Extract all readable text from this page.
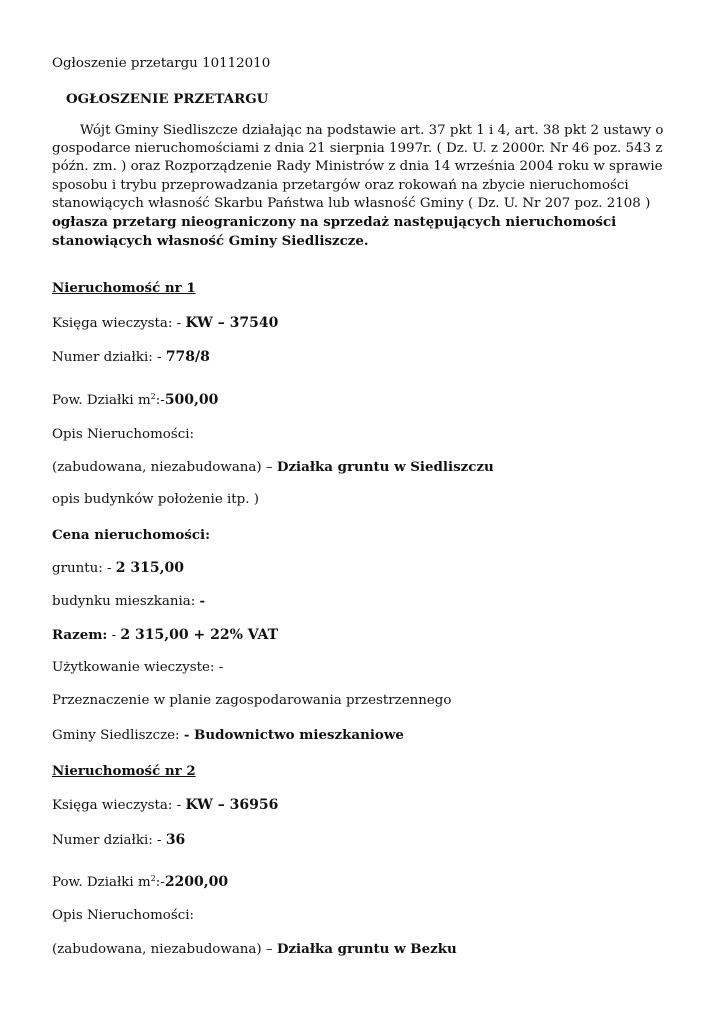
Ogłoszenie przetargu 10112010
OGŁOSZENIE PRZETARGU
Wójt Gminy Siedliszcze działając na podstawie art. 37 pkt 1 i 4, art. 38 pkt 2 ustawy o gospodarce nieruchomościami z dnia 21 sierpnia 1997r. ( Dz. U. z 2000r. Nr 46 poz. 543 z późn. zm. ) oraz Rozporządzenie Rady Ministrów z dnia 14 września 2004 roku w sprawie sposobu i trybu przeprowadzania przetargów oraz rokowań na zbycie nieruchomości stanowiących własność Skarbu Państwa lub własność Gminy ( Dz. U. Nr 207 poz. 2108 ) ogłasza przetarg nieograniczony na sprzedaż następujących nieruchomości stanowiących własność Gminy Siedliszcze.
Nieruchomość nr 1
Księga wieczysta: - KW – 37540
Numer działki: - 778/8
Pow. Działki $m^2:-500,00$
Opis Nieruchomości:
(zabudowana, niezabudowana) – Działka gruntu w Siedliszczu
opis budynków położenie itp. )
Cena nieruchomości:
gruntu: - 2 315,00
budynku mieszkania: -
Razem: - 2 315,00 + 22% VAT
Użytkowanie wieczyste: -
Przeznaczenie w planie zagospodarowania przestrzennego
Gminy Siedliszcze: - Budownictwo mieszkaniowe
Nieruchomość nr 2
Księga wieczysta: - KW – 36956
Numer działki: - 36
Pow. Działki $m^2:-2200,00$
Opis Nieruchomości:
(zabudowana, niezabudowana) – Działka gruntu w Bezku
